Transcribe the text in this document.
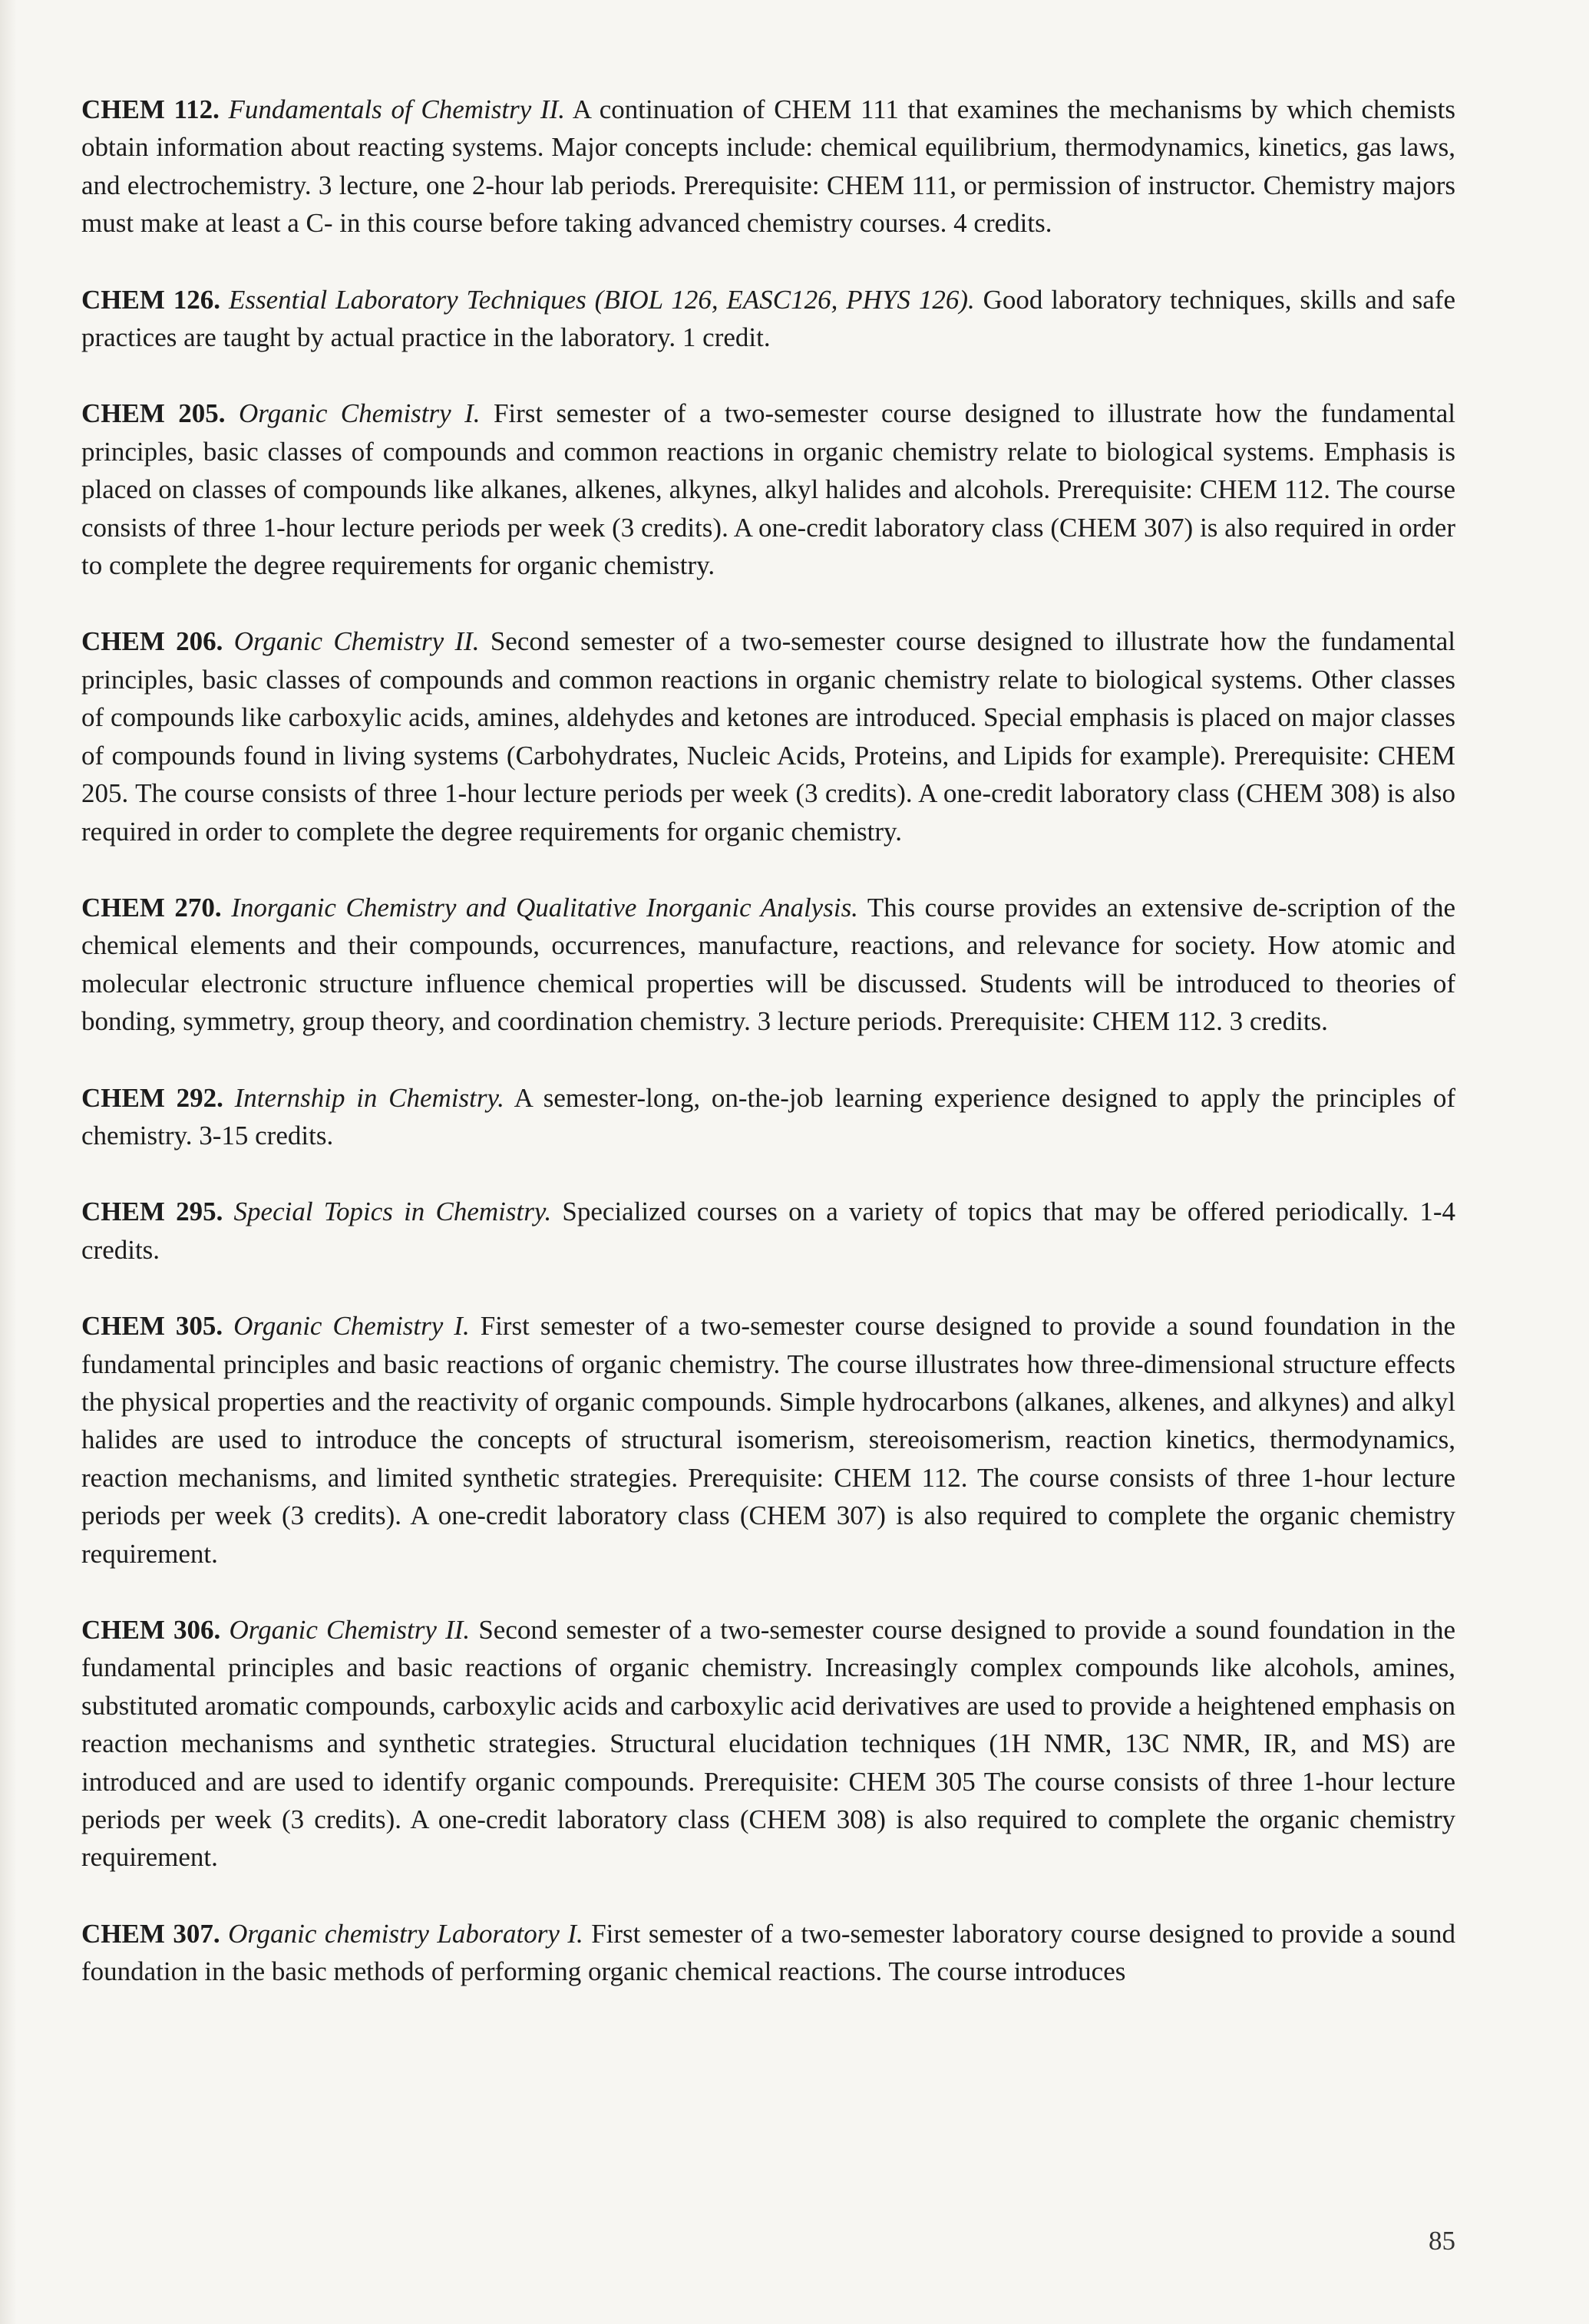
CHEM 112. Fundamentals of Chemistry II. A continuation of CHEM 111 that examines the mechanisms by which chemists obtain information about reacting systems. Major concepts include: chemical equilibrium, thermodynamics, kinetics, gas laws, and electrochemistry. 3 lecture, one 2-hour lab periods. Prerequisite: CHEM 111, or permission of instructor. Chemistry majors must make at least a C- in this course before taking advanced chemistry courses. 4 credits.

CHEM 126. Essential Laboratory Techniques (BIOL 126, EASC126, PHYS 126). Good laboratory techniques, skills and safe practices are taught by actual practice in the laboratory. 1 credit.

CHEM 205. Organic Chemistry I. First semester of a two-semester course designed to illustrate how the fundamental principles, basic classes of compounds and common reactions in organic chemistry relate to biological systems. Emphasis is placed on classes of compounds like alkanes, alkenes, alkynes, alkyl halides and alcohols. Prerequisite: CHEM 112. The course consists of three 1-hour lecture periods per week (3 credits). A one-credit laboratory class (CHEM 307) is also required in order to complete the degree requirements for organic chemistry.

CHEM 206. Organic Chemistry II. Second semester of a two-semester course designed to illustrate how the fundamental principles, basic classes of compounds and common reactions in organic chemistry relate to biological systems. Other classes of compounds like carboxylic acids, amines, aldehydes and ketones are introduced. Special emphasis is placed on major classes of compounds found in living systems (Carbohydrates, Nucleic Acids, Proteins, and Lipids for example). Prerequisite: CHEM 205. The course consists of three 1-hour lecture periods per week (3 credits). A one-credit laboratory class (CHEM 308) is also required in order to complete the degree requirements for organic chemistry.

CHEM 270. Inorganic Chemistry and Qualitative Inorganic Analysis. This course provides an extensive de-scription of the chemical elements and their compounds, occurrences, manufacture, reactions, and relevance for society. How atomic and molecular electronic structure influence chemical properties will be discussed. Students will be introduced to theories of bonding, symmetry, group theory, and coordination chemistry. 3 lecture periods. Prerequisite: CHEM 112. 3 credits.

CHEM 292. Internship in Chemistry. A semester-long, on-the-job learning experience designed to apply the principles of chemistry. 3-15 credits.

CHEM 295. Special Topics in Chemistry. Specialized courses on a variety of topics that may be offered periodically. 1-4 credits.

CHEM 305. Organic Chemistry I. First semester of a two-semester course designed to provide a sound foundation in the fundamental principles and basic reactions of organic chemistry. The course illustrates how three-dimensional structure effects the physical properties and the reactivity of organic compounds. Simple hydrocarbons (alkanes, alkenes, and alkynes) and alkyl halides are used to introduce the concepts of structural isomerism, stereoisomerism, reaction kinetics, thermodynamics, reaction mechanisms, and limited synthetic strategies. Prerequisite: CHEM 112. The course consists of three 1-hour lecture periods per week (3 credits). A one-credit laboratory class (CHEM 307) is also required to complete the organic chemistry requirement.

CHEM 306. Organic Chemistry II. Second semester of a two-semester course designed to provide a sound foundation in the fundamental principles and basic reactions of organic chemistry. Increasingly complex compounds like alcohols, amines, substituted aromatic compounds, carboxylic acids and carboxylic acid derivatives are used to provide a heightened emphasis on reaction mechanisms and synthetic strategies. Structural elucidation techniques (1H NMR, 13C NMR, IR, and MS) are introduced and are used to identify organic compounds. Prerequisite: CHEM 305 The course consists of three 1-hour lecture periods per week (3 credits). A one-credit laboratory class (CHEM 308) is also required to complete the organic chemistry requirement.

CHEM 307. Organic chemistry Laboratory I. First semester of a two-semester laboratory course designed to provide a sound foundation in the basic methods of performing organic chemical reactions. The course introduces

85
